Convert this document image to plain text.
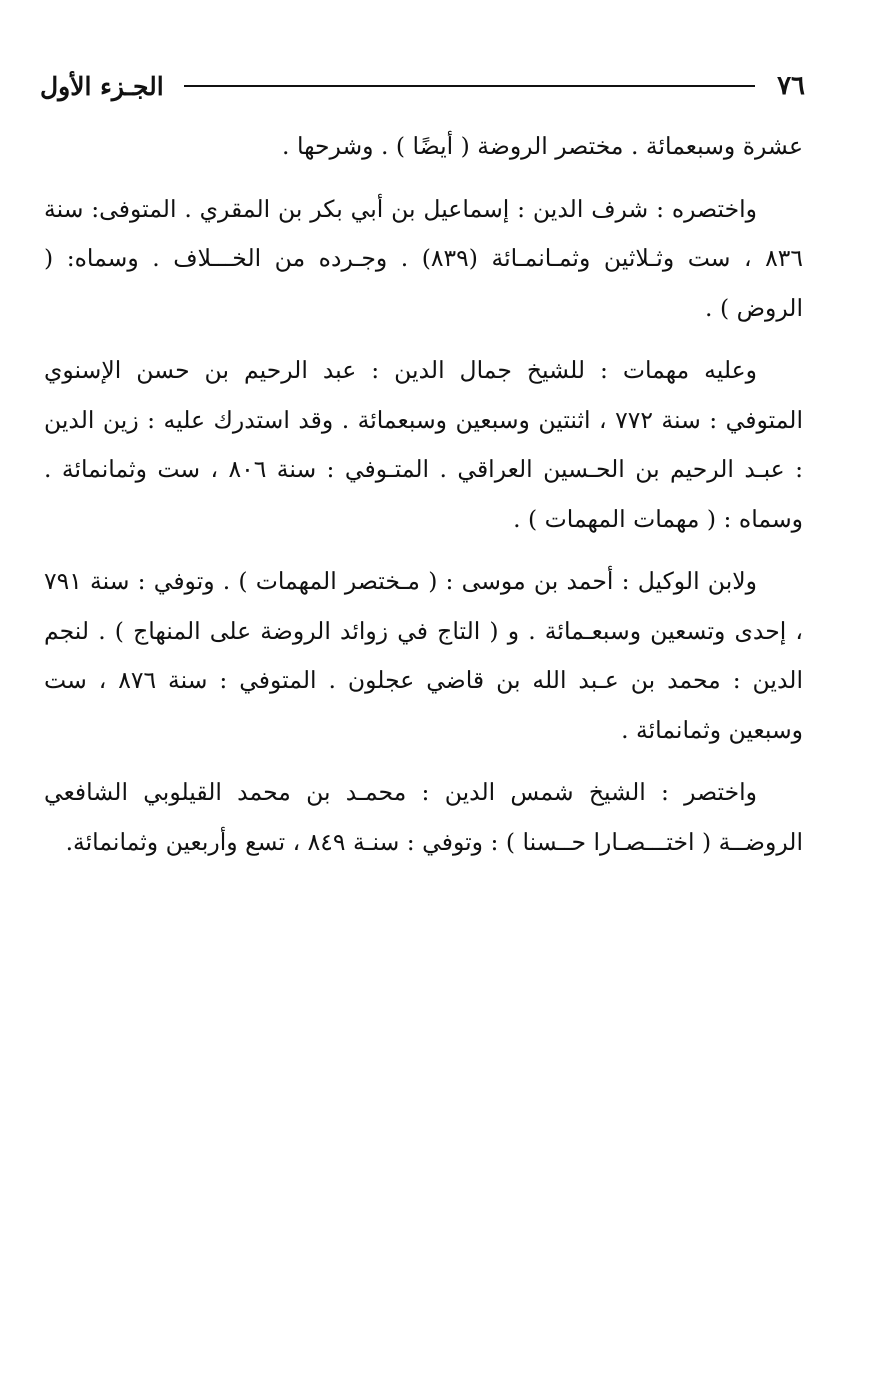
٧٦
الجـزء الأول

عشرة وسبعمائة . مختصر الروضة ( أيضًا ) . وشرحها .

واختصره : شرف الدين : إسماعيل بن أبي بكر بن المقري . المتوفى: سنة ٨٣٦ ، ست وثـلاثين وثمـانمـائة (٨٣٩) . وجـرده من الخـــلاف . وسماه: ( الروض ) .

وعليه مهمات : للشيخ جمال الدين : عبد الرحيم بن حسن الإسنوي المتوفي : سنة ٧٧٢ ، اثنتين وسبعين وسبعمائة . وقد استدرك عليه : زين الدين : عبـد الرحيم بن الحـسين العراقي . المتـوفي : سنة ٨٠٦ ، ست وثمانمائة . وسماه : ( مهمات المهمات ) .

ولابن الوكيل : أحمد بن موسى : ( مـختصر المهمات ) . وتوفي : سنة ٧٩١ ، إحدى وتسعين وسبعـمائة . و ( التاج في زوائد الروضة على المنهاج ) . لنجم الدين : محمد بن عـبد الله بن قاضي عجلون . المتوفي : سنة ٨٧٦ ، ست وسبعين وثمانمائة .

واختصر : الشيخ شمس الدين : محمـد بن محمد القيلوبي الشافعي الروضــة ( اختـــصـارا حــسنا ) : وتوفي : سنـة ٨٤٩ ، تسع وأربعين وثمانمائة.
